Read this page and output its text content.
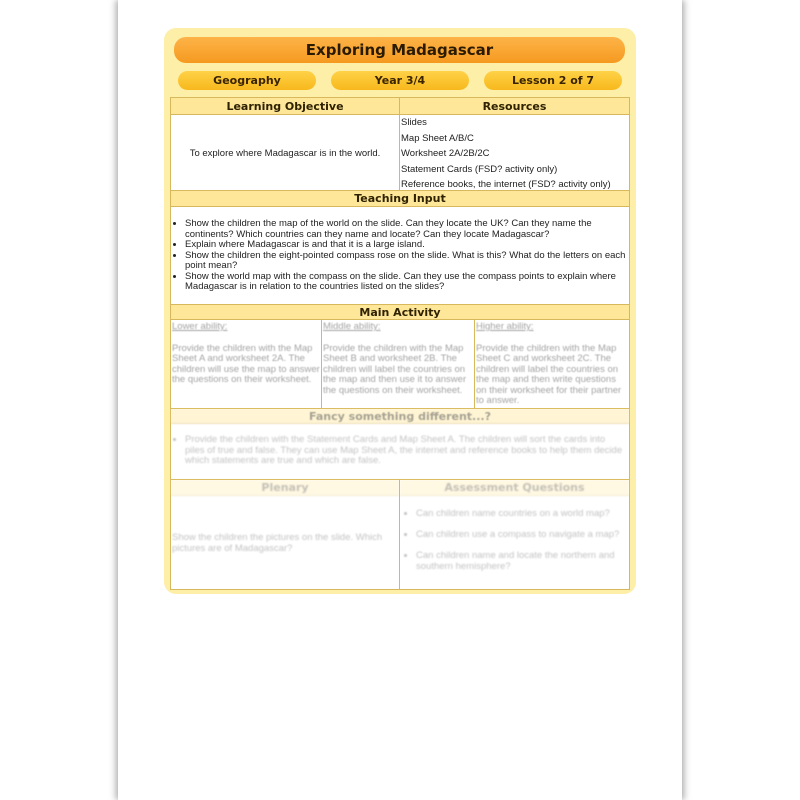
Exploring Madagascar
Geography	Year 3/4	Lesson 2 of 7
Learning Objective	Resources
To explore where Madagascar is in the world.
Slides
Map Sheet A/B/C
Worksheet 2A/2B/2C
Statement Cards (FSD? activity only)
Reference books, the internet (FSD? activity only)
Teaching Input
• Show the children the map of the world on the slide. Can they locate the UK? Can they name the continents? Which countries can they name and locate? Can they locate Madagascar?
• Explain where Madagascar is and that it is a large island.
• Show the children the eight-pointed compass rose on the slide. What is this? What do the letters on each point mean?
• Show the world map with the compass on the slide. Can they use the compass points to explain where Madagascar is in relation to the countries listed on the slides?
Main Activity
Lower ability:
Provide the children with the Map Sheet A and worksheet 2A. The children will use the map to answer the questions on their worksheet.
Middle ability:
Provide the children with the Map Sheet B and worksheet 2B. The children will label the countries on the map and then use it to answer the questions on their worksheet.
Higher ability:
Provide the children with the Map Sheet C and worksheet 2C. The children will label the countries on the map and then write questions on their worksheet for their partner to answer.
Fancy something different...?
• Provide the children with the Statement Cards and Map Sheet A. The children will sort the cards into piles of true and false. They can use Map Sheet A, the internet and reference books to help them decide which statements are true and which are false.
Plenary	Assessment Questions
Show the children the pictures on the slide. Which pictures are of Madagascar?
• Can children name countries on a world map?
• Can children use a compass to navigate a map?
• Can children name and locate the northern and southern hemisphere?
